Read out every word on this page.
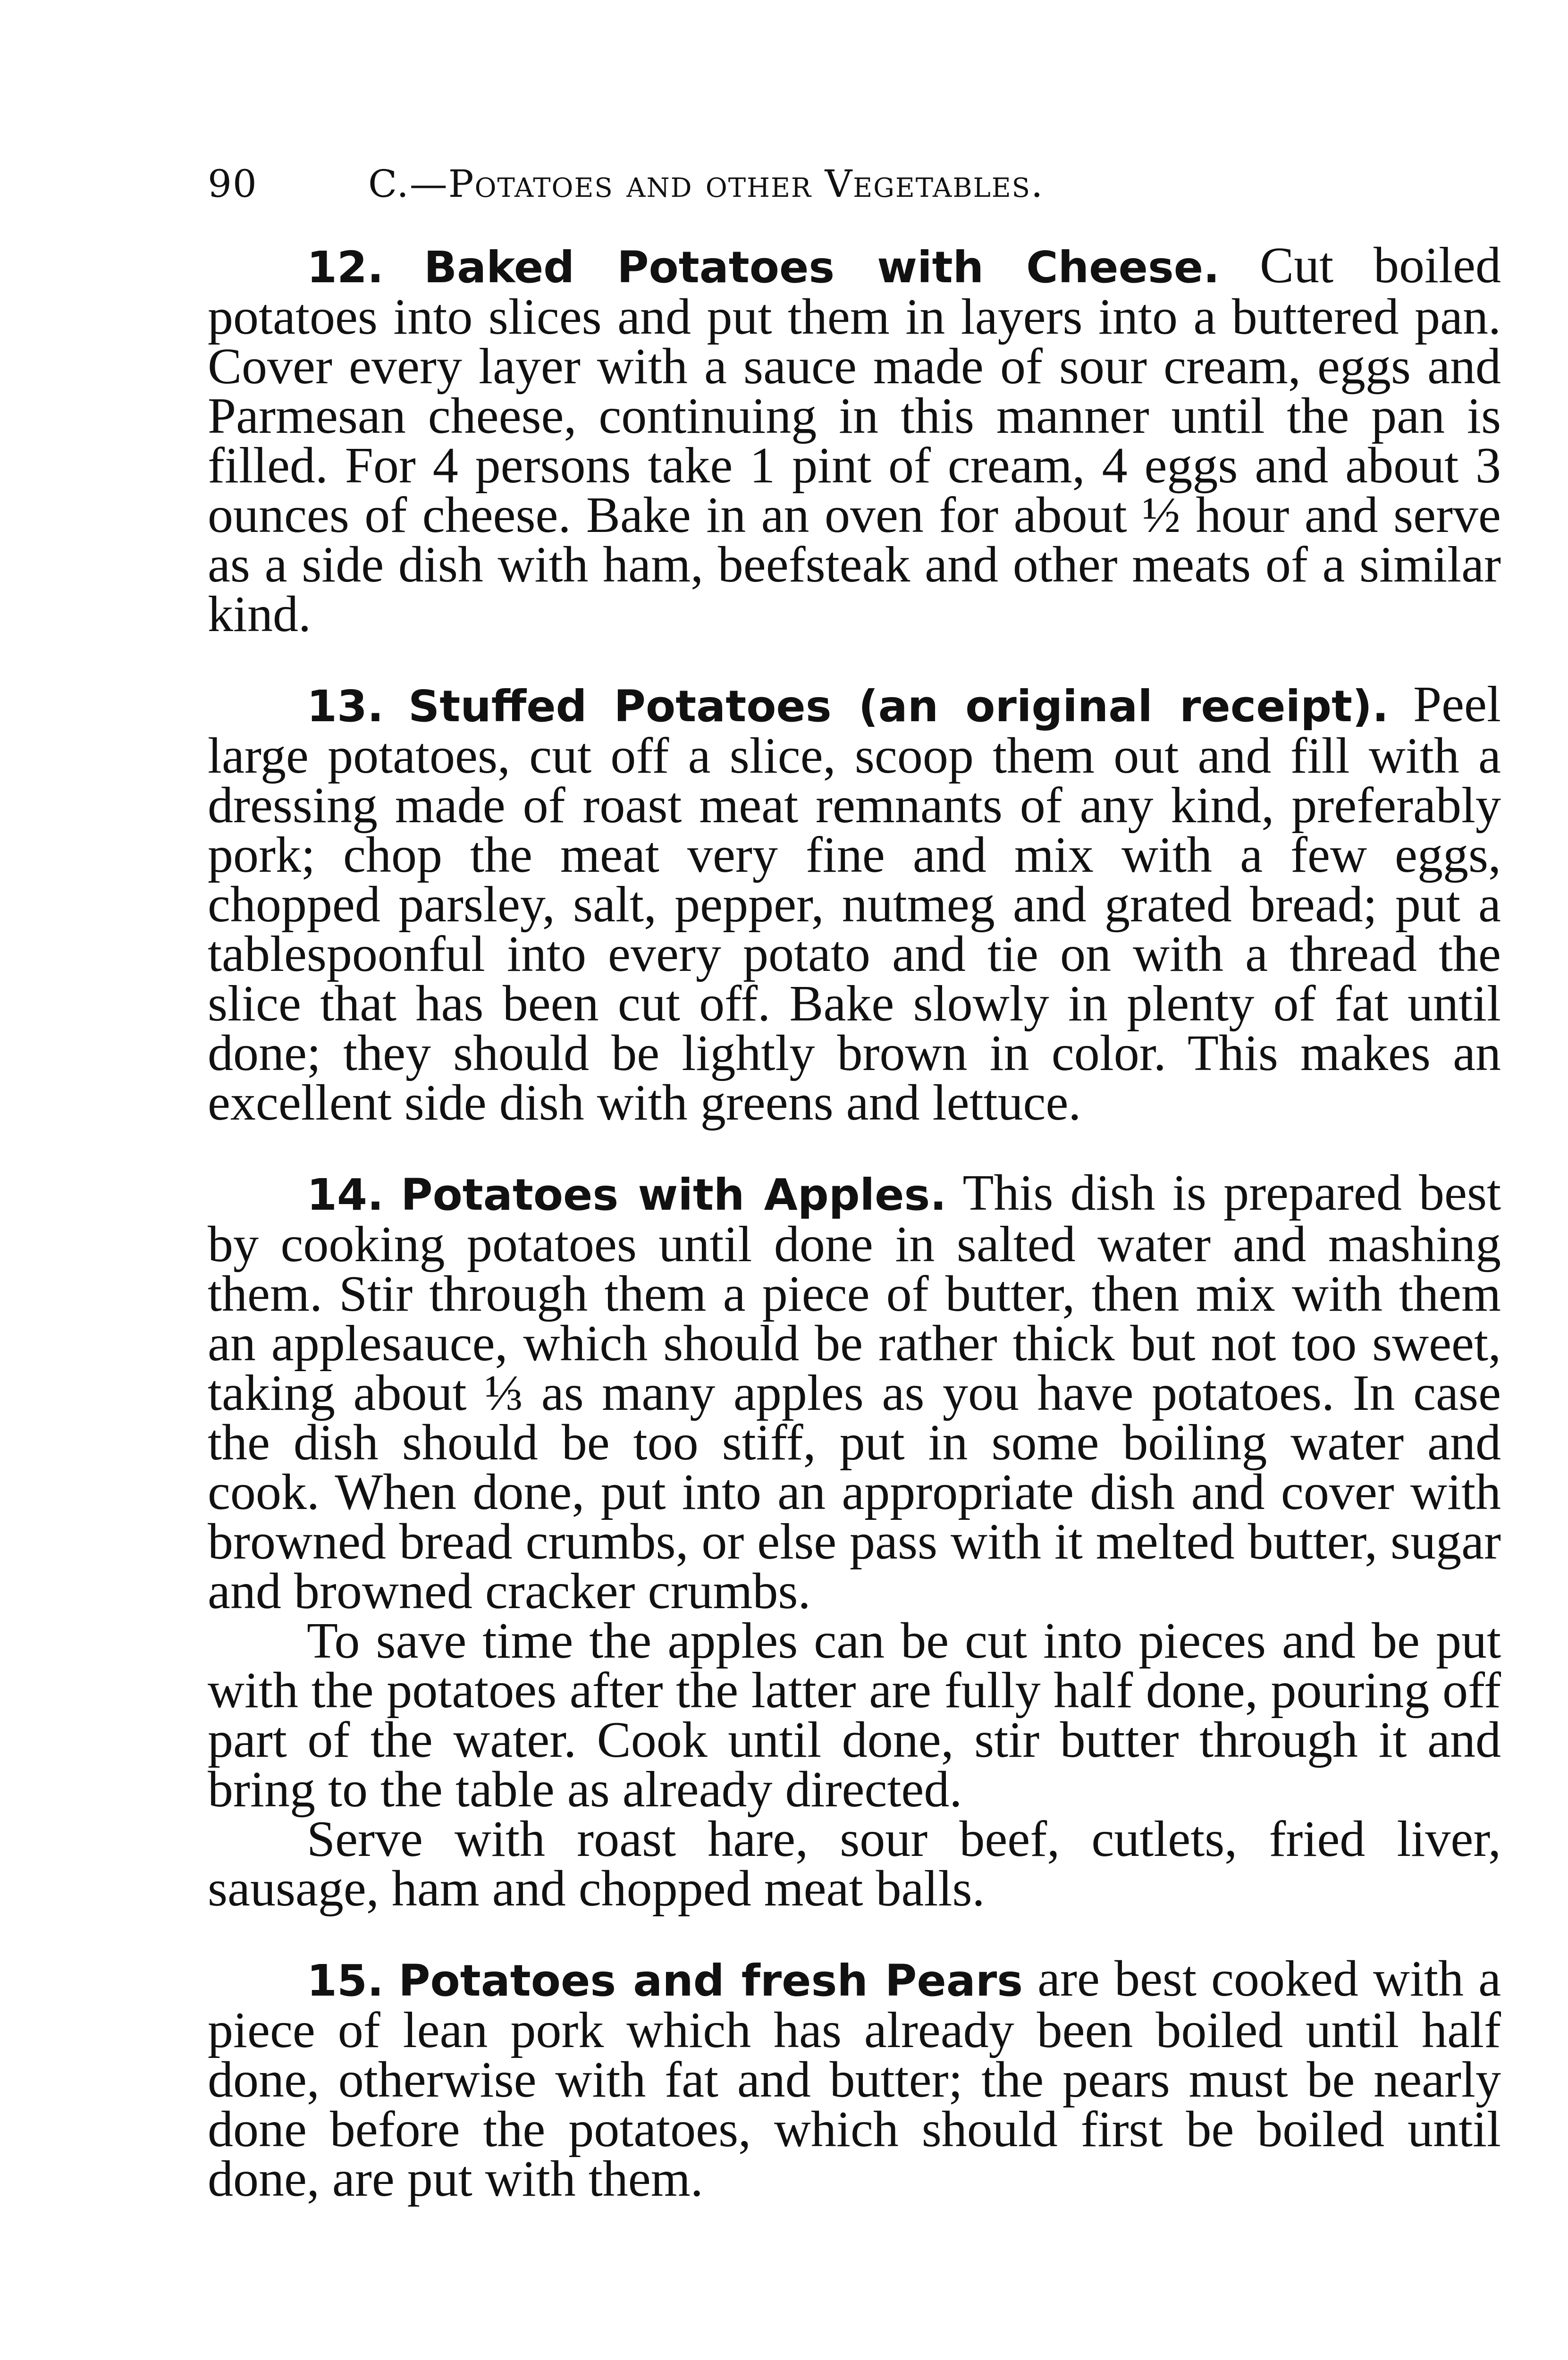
90	C.—Potatoes and other Vegetables.

12. Baked Potatoes with Cheese. Cut boiled potatoes into slices and put them in layers into a buttered pan. Cover every layer with a sauce made of sour cream, eggs and Parmesan cheese, continuing in this manner until the pan is filled. For 4 persons take 1 pint of cream, 4 eggs and about 3 ounces of cheese. Bake in an oven for about ½ hour and serve as a side dish with ham, beefsteak and other meats of a similar kind.

13. Stuffed Potatoes (an original receipt). Peel large potatoes, cut off a slice, scoop them out and fill with a dressing made of roast meat remnants of any kind, preferably pork; chop the meat very fine and mix with a few eggs, chopped parsley, salt, pepper, nutmeg and grated bread; put a tablespoonful into every potato and tie on with a thread the slice that has been cut off. Bake slowly in plenty of fat until done; they should be lightly brown in color. This makes an excellent side dish with greens and lettuce.

14. Potatoes with Apples. This dish is prepared best by cooking potatoes until done in salted water and mashing them. Stir through them a piece of butter, then mix with them an applesauce, which should be rather thick but not too sweet, taking about ⅓ as many apples as you have potatoes. In case the dish should be too stiff, put in some boiling water and cook. When done, put into an appropriate dish and cover with browned bread crumbs, or else pass with it melted butter, sugar and browned cracker crumbs.

To save time the apples can be cut into pieces and be put with the potatoes after the latter are fully half done, pouring off part of the water. Cook until done, stir butter through it and bring to the table as already directed.

Serve with roast hare, sour beef, cutlets, fried liver, sausage, ham and chopped meat balls.

15. Potatoes and fresh Pears are best cooked with a piece of lean pork which has already been boiled until half done, otherwise with fat and butter; the pears must be nearly done before the potatoes, which should first be boiled until done, are put with them.
